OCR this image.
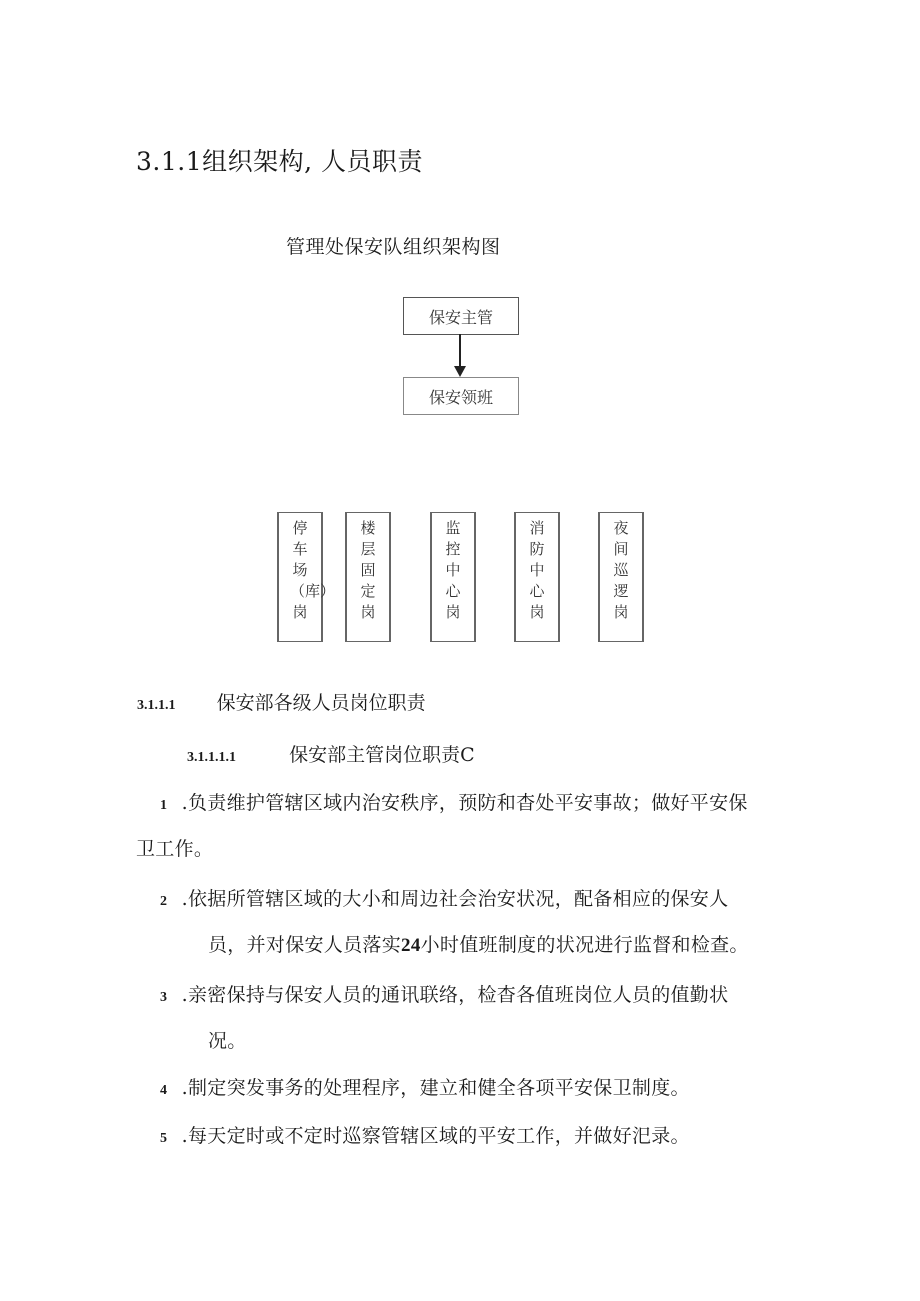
3.1.1组织架构, 人员职责
管理处保安队组织架构图
保安主管
保安领班
停车场（库）岗
楼层固定岗
监控中心岗
消防中心岗
夜间巡逻岗
3.1.1.1 保安部各级人员岗位职责
3.1.1.1.1	保安部主管岗位职责C
1 .负责维护管辖区域内治安秩序，预防和杳处平安事故；做好平安保
卫工作。
2 .依据所管辖区域的大小和周边社会治安状况，配备相应的保安人
员，并对保安人员落实24小时值班制度的状况进行监督和检查。
3 .亲密保持与保安人员的通讯联络，检杳各值班岗位人员的值勤状
况。
4 .制定突发事务的处理程序，建立和健全各项平安保卫制度。
5 .每天定时或不定时巡察管辖区域的平安工作，并做好汜录。
